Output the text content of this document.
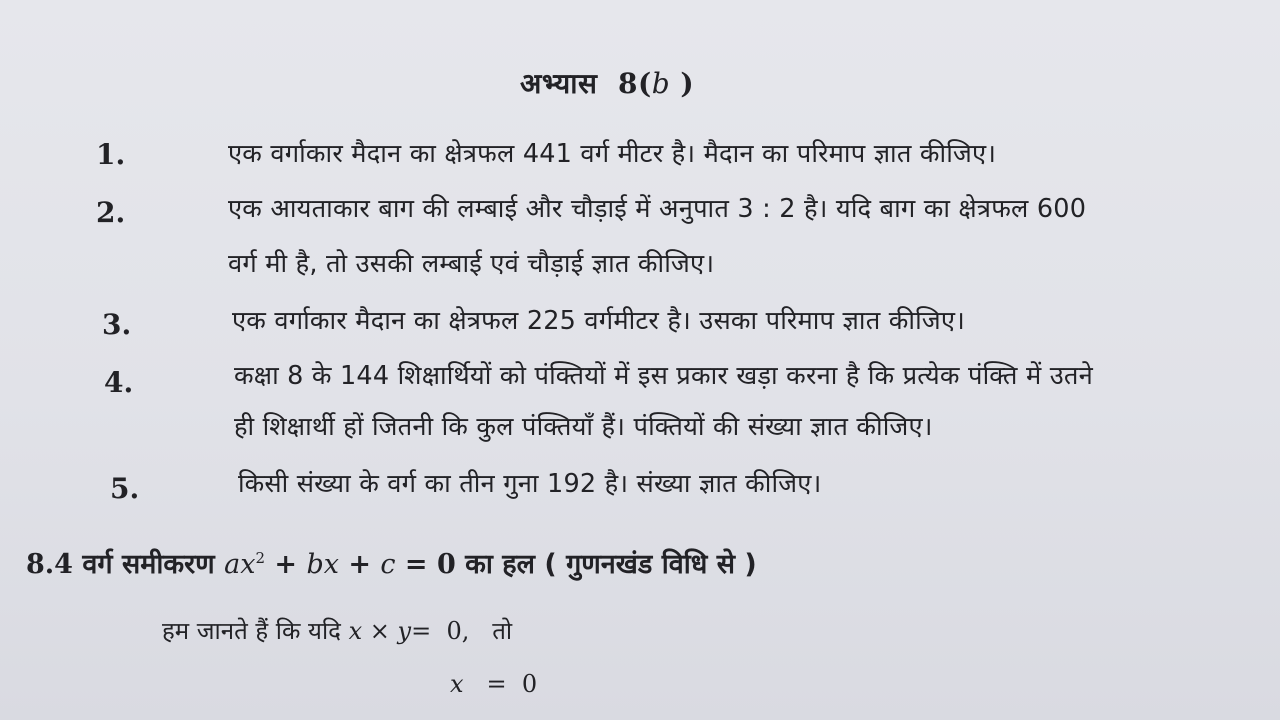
अभ्यास 8(b )
1.	एक वर्गाकार मैदान का क्षेत्रफल 441 वर्ग मीटर है। मैदान का परिमाप ज्ञात कीजिए।
2.	एक आयताकार बाग की लम्बाई और चौड़ाई में अनुपात 3 : 2 है। यदि बाग का क्षेत्रफल 600
वर्ग मी है, तो उसकी लम्बाई एवं चौड़ाई ज्ञात कीजिए।
3.	एक वर्गाकार मैदान का क्षेत्रफल 225 वर्गमीटर है। उसका परिमाप ज्ञात कीजिए।
4.	कक्षा 8 के 144 शिक्षार्थियों को पंक्तियों में इस प्रकार खड़ा करना है कि प्रत्येक पंक्ति में उतने
ही शिक्षार्थी हों जितनी कि कुल पंक्तियाँ हैं। पंक्तियों की संख्या ज्ञात कीजिए।
5.	किसी संख्या के वर्ग का तीन गुना 192 है। संख्या ज्ञात कीजिए।
8.4 वर्ग समीकरण $ax^2$ + bx + c = 0 का हल ( गुणनखंड विधि से )
हम जानते हैं कि यदि x × y= 0, तो
x = 0
